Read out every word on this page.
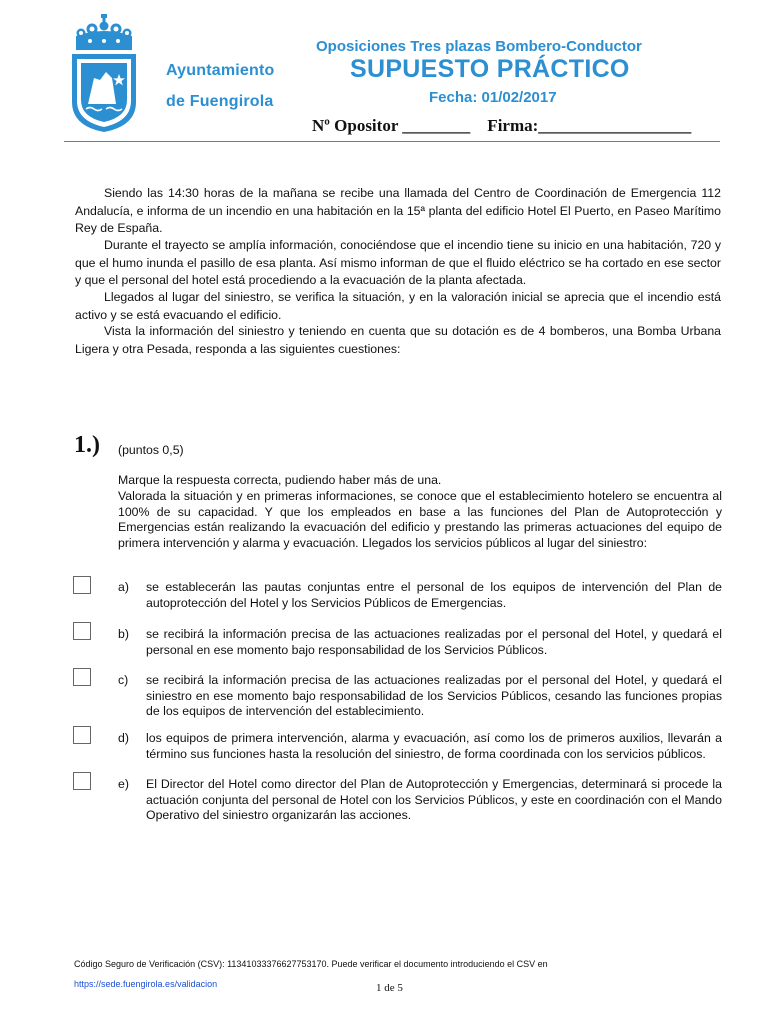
Ayuntamiento
de Fuengirola
Oposiciones Tres plazas Bombero-Conductor
SUPUESTO PRÁCTICO
Fecha: 01/02/2017
Nº Opositor ________    Firma:__________________
Siendo las 14:30 horas de la mañana se recibe una llamada del Centro de Coordinación de Emergencia 112 Andalucía, e informa de un incendio en una habitación en la 15ª planta del edificio Hotel El Puerto, en Paseo Marítimo Rey de España.
Durante el trayecto se amplía información, conociéndose que el incendio tiene su inicio en una habitación, 720 y que el humo inunda el pasillo de esa planta. Así mismo informan de que el fluido eléctrico se ha cortado en ese sector y que el personal del hotel está procediendo a la evacuación de la planta afectada.
Llegados al lugar del siniestro, se verifica la situación, y en la valoración inicial se aprecia que el incendio está activo y se está evacuando el edificio.
Vista la información del siniestro y teniendo en cuenta que su dotación es de 4 bomberos, una Bomba Urbana Ligera y otra Pesada, responda a las siguientes cuestiones:
1.) (puntos 0,5)
Marque la respuesta correcta, pudiendo haber más de una.
Valorada la situación y en primeras informaciones, se conoce que el establecimiento hotelero se encuentra al 100% de su capacidad. Y que los empleados en base a las funciones del Plan de Autoprotección y Emergencias están realizando la evacuación del edificio y prestando las primeras actuaciones del equipo de primera intervención y alarma y evacuación. Llegados los servicios públicos al lugar del siniestro:
a) se establecerán las pautas conjuntas entre el personal de los equipos de intervención del Plan de autoprotección del Hotel y los Servicios Públicos de Emergencias.
b) se recibirá la información precisa de las actuaciones realizadas por el personal del Hotel, y quedará el personal en ese momento bajo responsabilidad de los Servicios Públicos.
c) se recibirá la información precisa de las actuaciones realizadas por el personal del Hotel, y quedará el siniestro en ese momento bajo responsabilidad de los Servicios Públicos, cesando las funciones propias de los equipos de intervención del establecimiento.
d) los equipos de primera intervención, alarma y evacuación, así como los de primeros auxilios, llevarán a término sus funciones hasta la resolución del siniestro, de forma coordinada con los servicios públicos.
e) El Director del Hotel como director del Plan de Autoprotección y Emergencias, determinará si procede la actuación conjunta del personal de Hotel con los Servicios Públicos, y este en coordinación con el Mando Operativo del siniestro organizarán las acciones.
Código Seguro de Verificación (CSV): 11341033376627753170. Puede verificar el documento introduciendo el CSV en
https://sede.fuengirola.es/validacion	1 de 5
